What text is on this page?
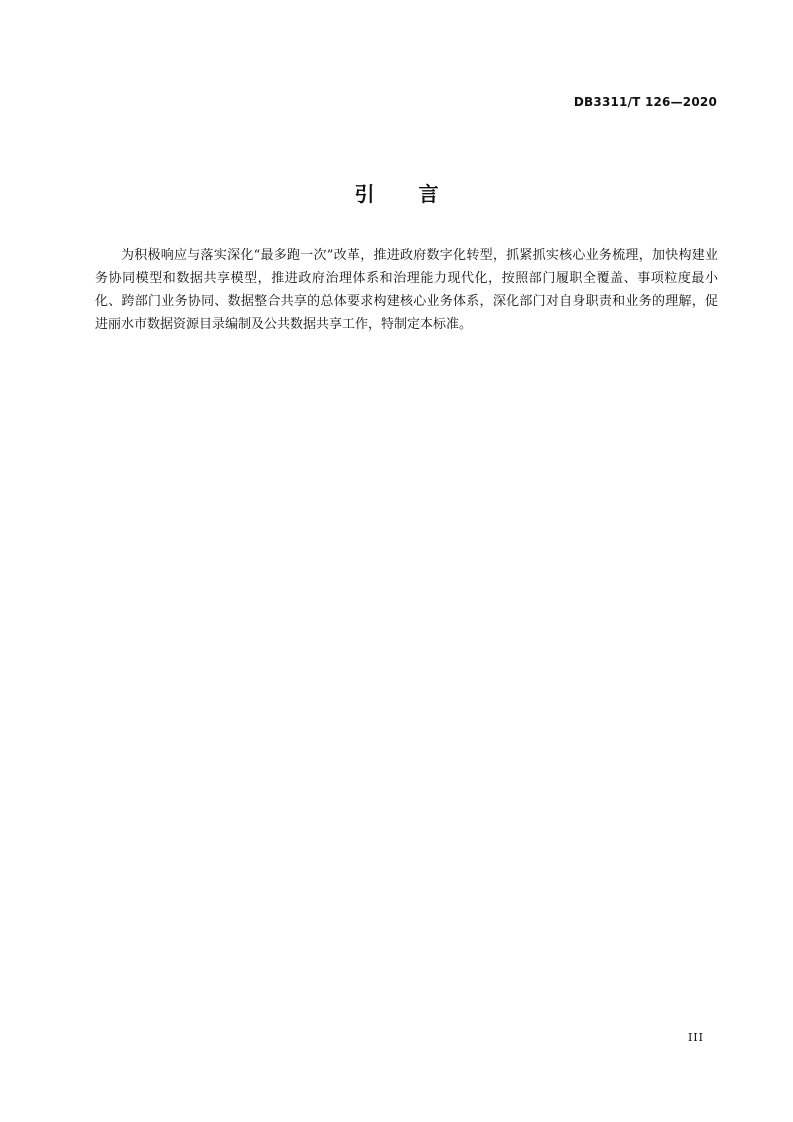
DB3311/T 126—2020
引言

为积极响应与落实深化“最多跑一次”改革，推进政府数字化转型，抓紧抓实核心业务梳理，加快构建业务协同模型和数据共享模型，推进政府治理体系和治理能力现代化，按照部门履职全覆盖、事项粒度最小化、跨部门业务协同、数据整合共享的总体要求构建核心业务体系，深化部门对自身职责和业务的理解，促进丽水市数据资源目录编制及公共数据共享工作，特制定本标准。

III
